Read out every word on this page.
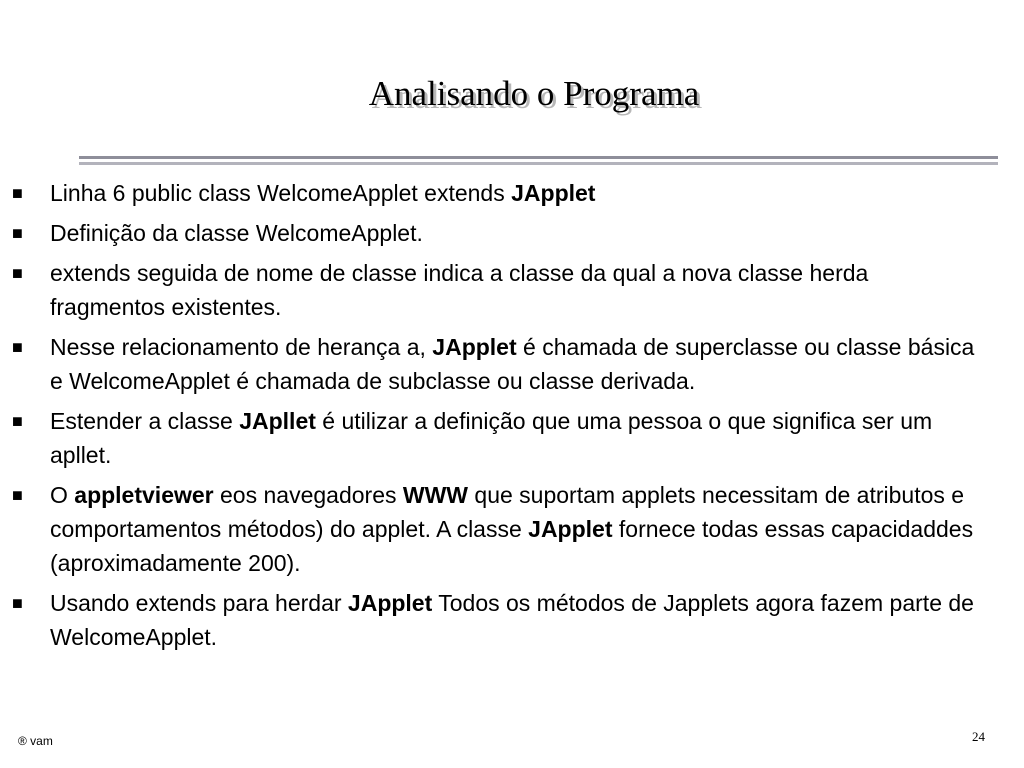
Analisando o Programa
■ Linha 6 public class WelcomeApplet extends JApplet
■ Definição da classe WelcomeApplet.
■ extends seguida de nome de classe indica a classe da qual a nova classe herda fragmentos existentes.
■ Nesse relacionamento de herança a, JApplet é chamada de superclasse ou classe básica e WelcomeApplet é chamada de subclasse ou classe derivada.
■ Estender a classe JApllet é utilizar a definição que uma pessoa o que significa ser um apllet.
■ O appletviewer eos navegadores WWW que suportam applets necessitam de atributos e comportamentos métodos) do applet. A classe JApplet fornece todas essas capacidaddes (aproximadamente 200).
■ Usando extends para herdar JApplet Todos os métodos de Japplets agora fazem parte de WelcomeApplet.
® vam	24
